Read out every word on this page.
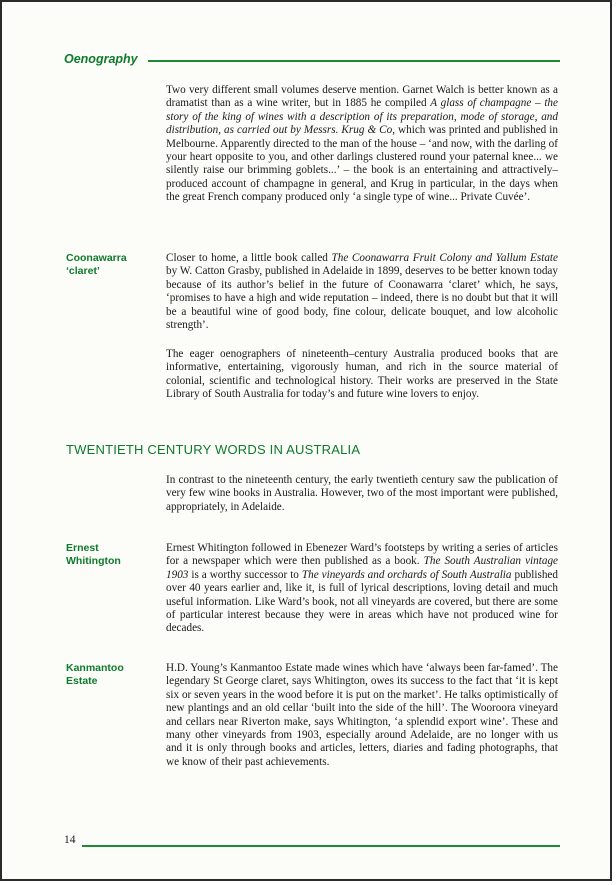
Oenography

Two very different small volumes deserve mention. Garnet Walch is better known as a dramatist than as a wine writer, but in 1885 he compiled A glass of champagne – the story of the king of wines with a description of its preparation, mode of storage, and distribution, as carried out by Messrs. Krug & Co, which was printed and published in Melbourne. Apparently directed to the man of the house – ‘and now, with the darling of your heart opposite to you, and other darlings clustered round your paternal knee... we silently raise our brimming goblets...’ – the book is an entertaining and attractively–produced account of champagne in general, and Krug in particular, in the days when the great French company produced only ‘a single type of wine... Private Cuvée’.

Coonawarra
‘claret’

Closer to home, a little book called The Coonawarra Fruit Colony and Yallum Estate by W. Catton Grasby, published in Adelaide in 1899, deserves to be better known today because of its author’s belief in the future of Coonawarra ‘claret’ which, he says, ‘promises to have a high and wide reputation – indeed, there is no doubt but that it will be a beautiful wine of good body, fine colour, delicate bouquet, and low alcoholic strength’.

The eager oenographers of nineteenth–century Australia produced books that are informative, entertaining, vigorously human, and rich in the source material of colonial, scientific and technological history. Their works are preserved in the State Library of South Australia for today’s and future wine lovers to enjoy.

TWENTIETH CENTURY WORDS IN AUSTRALIA

In contrast to the nineteenth century, the early twentieth century saw the publication of very few wine books in Australia. However, two of the most important were published, appropriately, in Adelaide.

Ernest
Whitington

Ernest Whitington followed in Ebenezer Ward’s footsteps by writing a series of articles for a newspaper which were then published as a book. The South Australian vintage 1903 is a worthy successor to The vineyards and orchards of South Australia published over 40 years earlier and, like it, is full of lyrical descriptions, loving detail and much useful information. Like Ward’s book, not all vineyards are covered, but there are some of particular interest because they were in areas which have not produced wine for decades.

Kanmantoo
Estate

H.D. Young’s Kanmantoo Estate made wines which have ‘always been far-famed’. The legendary St George claret, says Whitington, owes its success to the fact that ‘it is kept six or seven years in the wood before it is put on the market’. He talks optimistically of new plantings and an old cellar ‘built into the side of the hill’. The Wooroora vineyard and cellars near Riverton make, says Whitington, ‘a splendid export wine’. These and many other vineyards from 1903, especially around Adelaide, are no longer with us and it is only through books and articles, letters, diaries and fading photographs, that we know of their past achievements.

14
